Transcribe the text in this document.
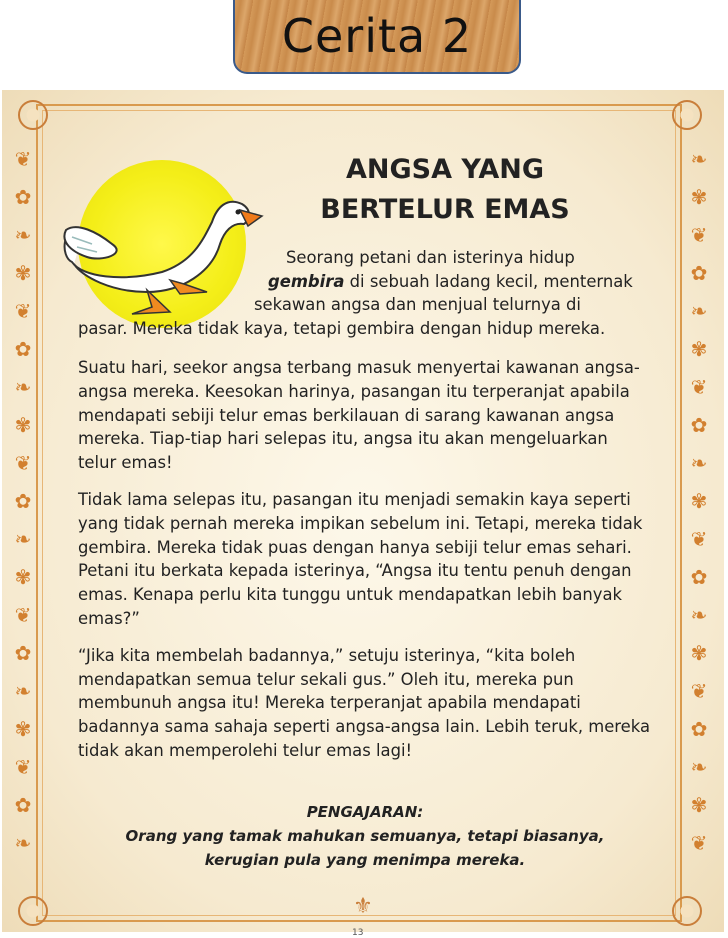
Cerita 2
❦
✿
❧
✾
❦
✿
❧
✾
❦
✿
❧
✾
❦
✿
❧
✾
❦
✿
❧
❧
✾
❦
✿
❧
✾
❦
✿
❧
✾
❦
✿
❧
✾
❦
✿
❧
✾
❦
⚜
13
ANGSA YANG
BERTELUR EMAS
Seorang petani dan isterinya hidup
gembira di sebuah ladang kecil, menternak
sekawan angsa dan menjual telurnya di
pasar. Mereka tidak kaya, tetapi gembira dengan hidup mereka.

Suatu hari, seekor angsa terbang masuk menyertai kawanan angsa-angsa mereka. Keesokan harinya, pasangan itu terperanjat apabila mendapati sebiji telur emas berkilauan di sarang kawanan angsa mereka. Tiap-tiap hari selepas itu, angsa itu akan mengeluarkan telur emas!

Tidak lama selepas itu, pasangan itu menjadi semakin kaya seperti yang tidak pernah mereka impikan sebelum ini. Tetapi, mereka tidak gembira. Mereka tidak puas dengan hanya sebiji telur emas sehari. Petani itu berkata kepada isterinya, “Angsa itu tentu penuh dengan emas. Kenapa perlu kita tunggu untuk mendapatkan lebih banyak emas?”

“Jika kita membelah badannya,” setuju isterinya, “kita boleh mendapatkan semua telur sekali gus.” Oleh itu, mereka pun membunuh angsa itu! Mereka terperanjat apabila mendapati badannya sama sahaja seperti angsa-angsa lain. Lebih teruk, mereka tidak akan memperolehi telur emas lagi!

PENGAJARAN:
Orang yang tamak mahukan semuanya, tetapi biasanya,
kerugian pula yang menimpa mereka.
